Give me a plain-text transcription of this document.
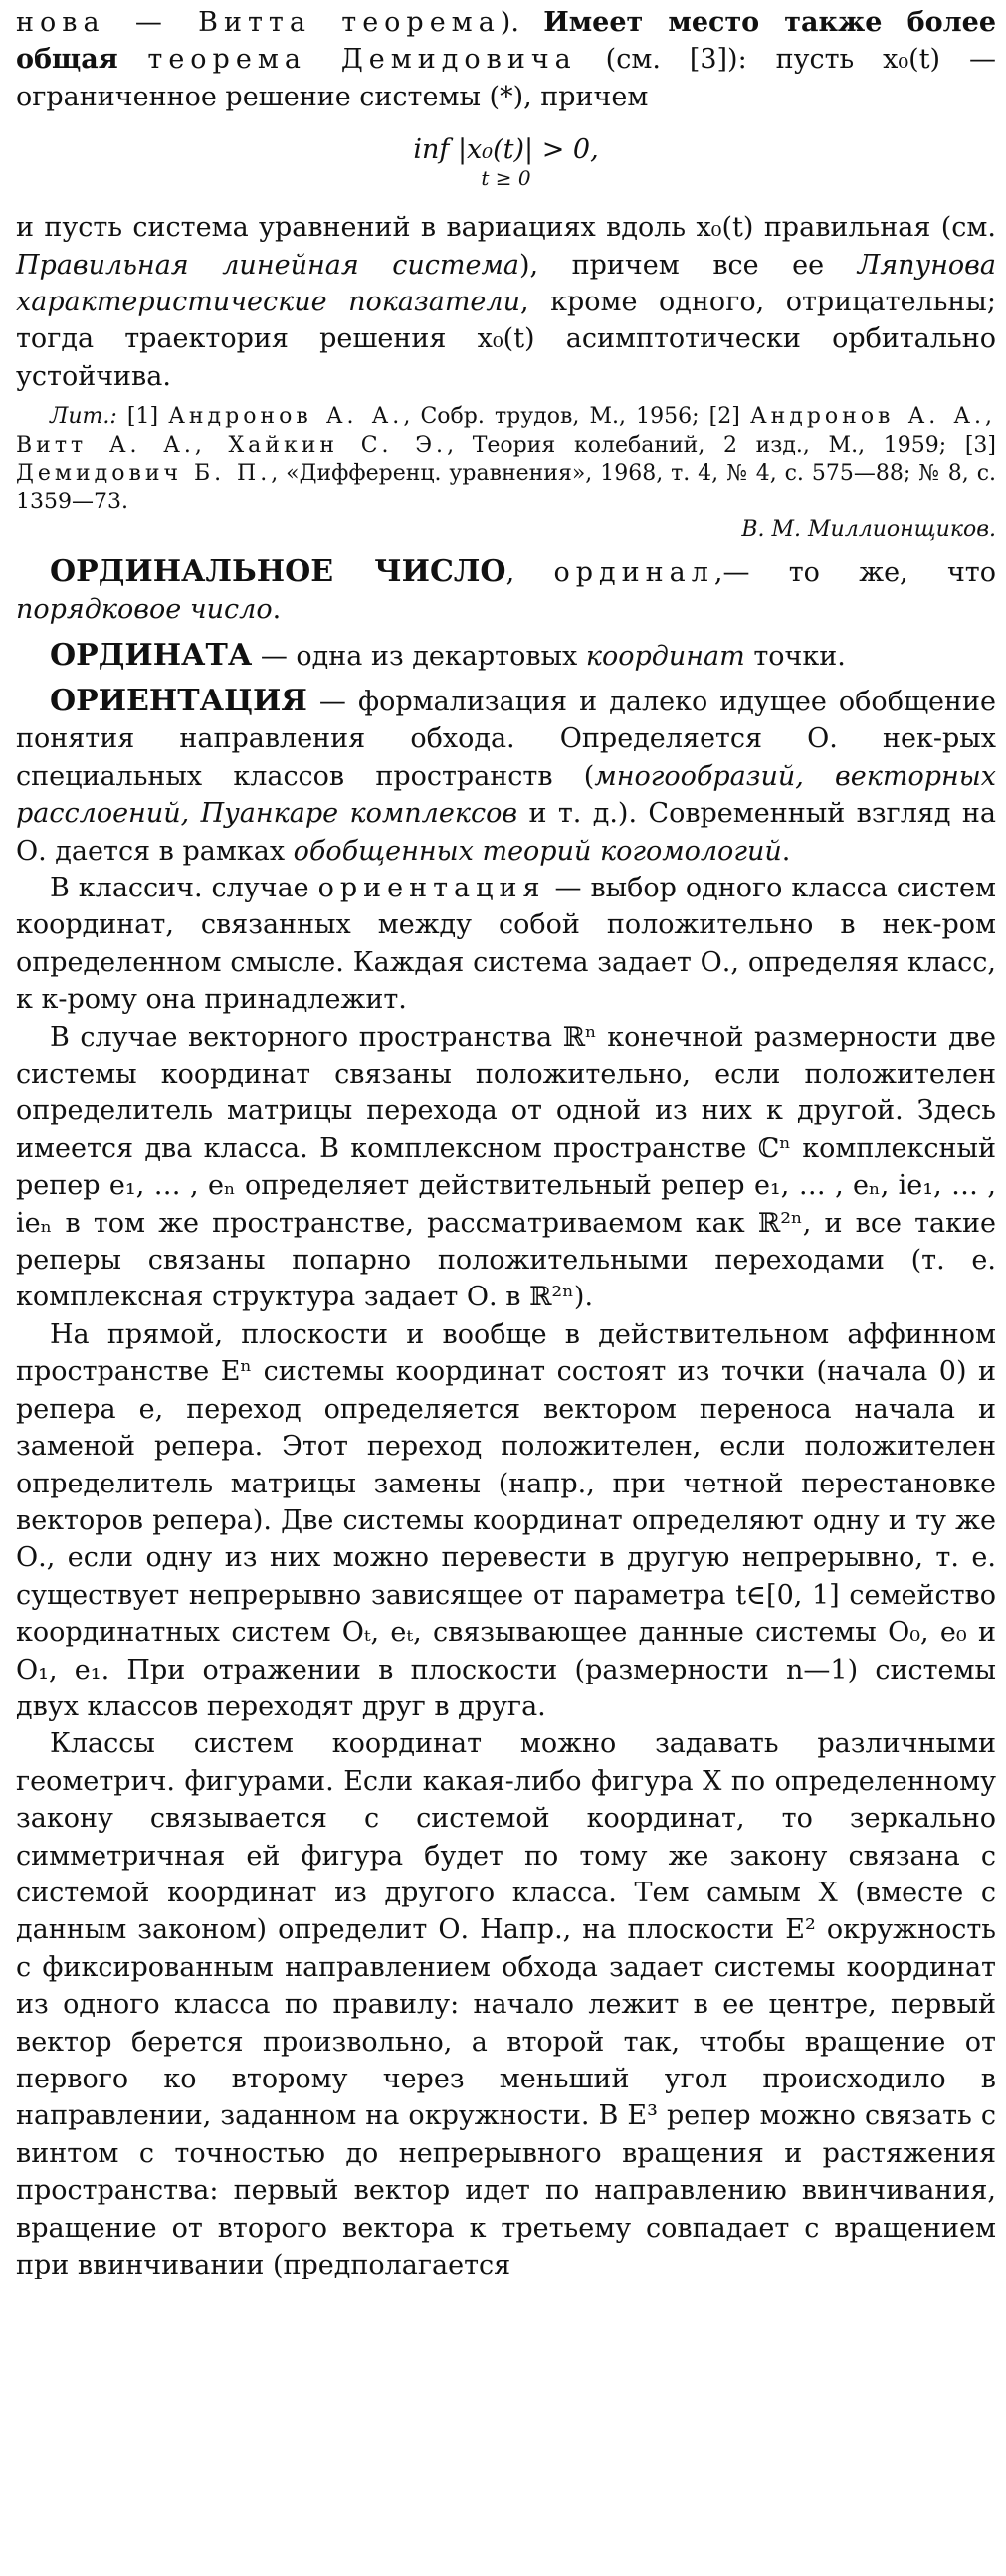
нова — Витта теорема). Имеет место также более общая теорема Демидовича (см. [3]): пусть x₀(t) — ограниченное решение системы (*), причем

inf |x₀(t)| > 0,
t ≥ 0

и пусть система уравнений в вариациях вдоль x₀(t) правильная (см. Правильная линейная система), причем все ее Ляпунова характеристические показатели, кроме одного, отрицательны; тогда траектория решения x₀(t) асимптотически орбитально устойчива.

Лит.: [1] Андронов А. А., Собр. трудов, М., 1956; [2] Андронов А. А., Витт А. А., Хайкин С. Э., Теория колебаний, 2 изд., М., 1959; [3] Демидович Б. П., «Дифференц. уравнения», 1968, т. 4, № 4, с. 575—88; № 8, с. 1359—73.

В. М. Миллионщиков.

ОРДИНАЛЬНОЕ ЧИСЛО, ординал,— то же, что порядковое число.

ОРДИНАТА — одна из декартовых координат точки.

ОРИЕНТАЦИЯ — формализация и далеко идущее обобщение понятия направления обхода. Определяется О. нек-рых специальных классов пространств (многообразий, векторных расслоений, Пуанкаре комплексов и т. д.). Современный взгляд на О. дается в рамках обобщенных теорий когомологий.

В классич. случае ориентация — выбор одного класса систем координат, связанных между собой положительно в нек-ром определенном смысле. Каждая система задает О., определяя класс, к к-рому она принадлежит.

В случае векторного пространства ℝⁿ конечной размерности две системы координат связаны положительно, если положителен определитель матрицы перехода от одной из них к другой. Здесь имеется два класса. В комплексном пространстве ℂⁿ комплексный репер e₁, … , eₙ определяет действительный репер e₁, … , eₙ, ie₁, … , ieₙ в том же пространстве, рассматриваемом как ℝ²ⁿ, и все такие реперы связаны попарно положительными переходами (т. е. комплексная структура задает О. в ℝ²ⁿ).

На прямой, плоскости и вообще в действительном аффинном пространстве Eⁿ системы координат состоят из точки (начала 0) и репера e, переход определяется вектором переноса начала и заменой репера. Этот переход положителен, если положителен определитель матрицы замены (напр., при четной перестановке векторов репера). Две системы координат определяют одну и ту же О., если одну из них можно перевести в другую непрерывно, т. е. существует непрерывно зависящее от параметра t∈[0, 1] семейство координатных систем Oₜ, eₜ, связывающее данные системы O₀, e₀ и O₁, e₁. При отражении в плоскости (размерности n—1) системы двух классов переходят друг в друга.

Классы систем координат можно задавать различными геометрич. фигурами. Если какая-либо фигура X по определенному закону связывается с системой координат, то зеркально симметричная ей фигура будет по тому же закону связана с системой координат из другого класса. Тем самым X (вместе с данным законом) определит О. Напр., на плоскости E² окружность с фиксированным направлением обхода задает системы координат из одного класса по правилу: начало лежит в ее центре, первый вектор берется произвольно, а второй так, чтобы вращение от первого ко второму через меньший угол происходило в направлении, заданном на окружности. В E³ репер можно связать с винтом с точностью до непрерывного вращения и растяжения пространства: первый вектор идет по направлению ввинчивания, вращение от второго вектора к третьему совпадает с вращением при ввинчивании (предполагается
